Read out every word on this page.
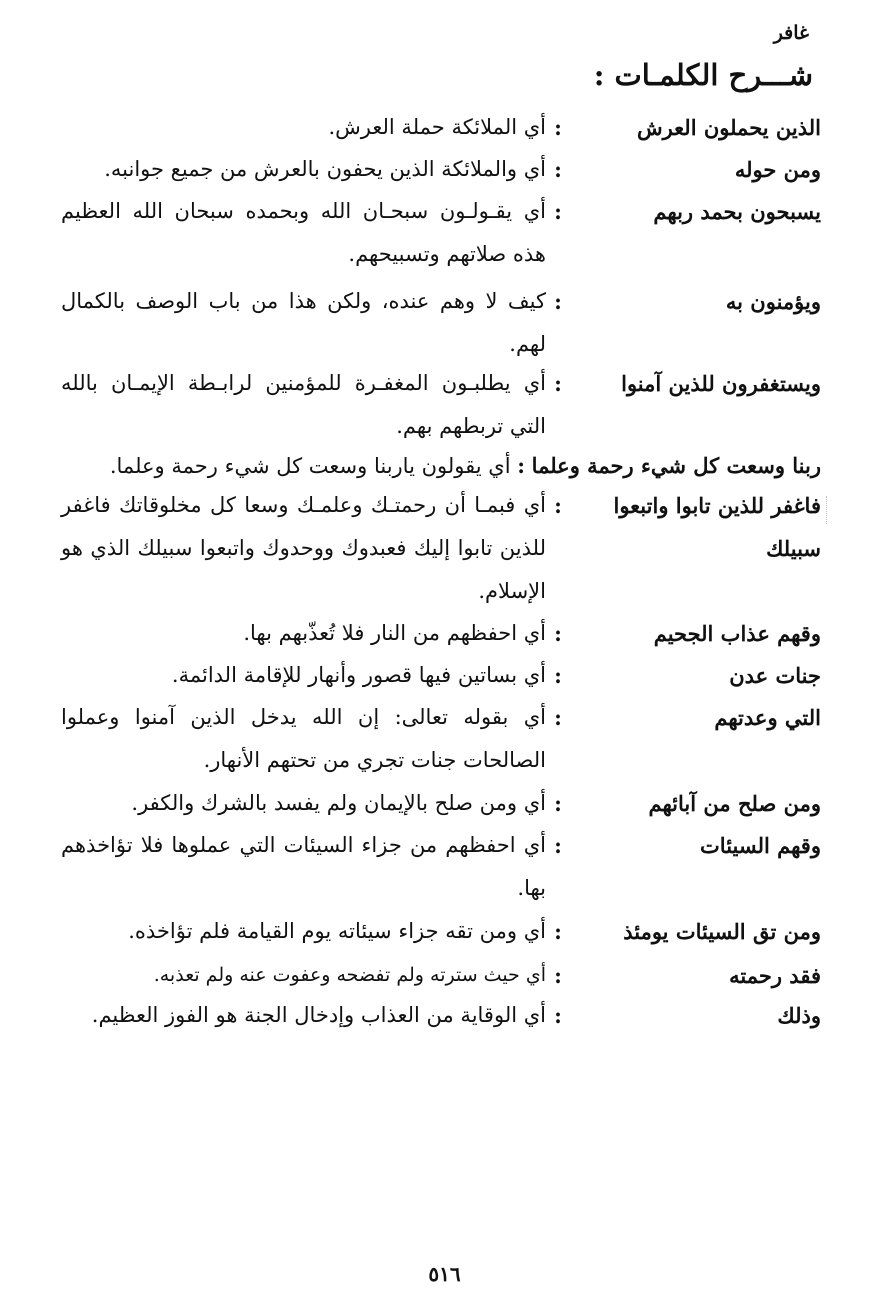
غافر
شـــرح الكلمـات :
الذين يحملون العرش
:
أي الملائكة حملة العرش.
ومن حوله
:
أي والملائكة الذين يحفون بالعرش من جميع جوانبه.
يسبحون بحمد ربهم
:
أي يقـولـون سبحـان الله وبحمده سبحان الله العظيم هذه صلاتهم وتسبيحهم.
ويؤمنون به
:
كيف لا وهم عنده، ولكن هذا من باب الوصف بالكمال لهم.
ويستغفرون للذين آمنوا
:
أي يطلبـون المغفـرة للمؤمنين لرابـطة الإيمـان بالله التي تربطهم بهم.
ربنا وسعت كل شيء رحمة وعلما : أي يقولون ياربنا وسعت كل شيء رحمة وعلما.
فاغفر للذين تابوا واتبعوا سبيلك
:
أي فبمـا أن رحمتـك وعلمـك وسعا كل مخلوقاتك فاغفر للذين تابوا إليك فعبدوك ووحدوك واتبعوا سبيلك الذي هو الإسلام.
وقهم عذاب الجحيم
:
أي احفظهم من النار فلا تُعذّبهم بها.
جنات عدن
:
أي بساتين فيها قصور وأنهار للإقامة الدائمة.
التي وعدتهم
:
أي بقوله تعالى: إن الله يدخل الذين آمنوا وعملوا الصالحات جنات تجري من تحتهم الأنهار.
ومن صلح من آبائهم
:
أي ومن صلح بالإيمان ولم يفسد بالشرك والكفر.
وقهم السيئات
:
أي احفظهم من جزاء السيئات التي عملوها فلا تؤاخذهم بها.
ومن تق السيئات يومئذ
:
أي ومن تقه جزاء سيئاته يوم القيامة فلم تؤاخذه.
فقد رحمته
:
أي حيث سترته ولم تفضحه وعفوت عنه ولم تعذبه.
وذلك
:
أي الوقاية من العذاب وإدخال الجنة هو الفوز العظيم.
٥١٦
